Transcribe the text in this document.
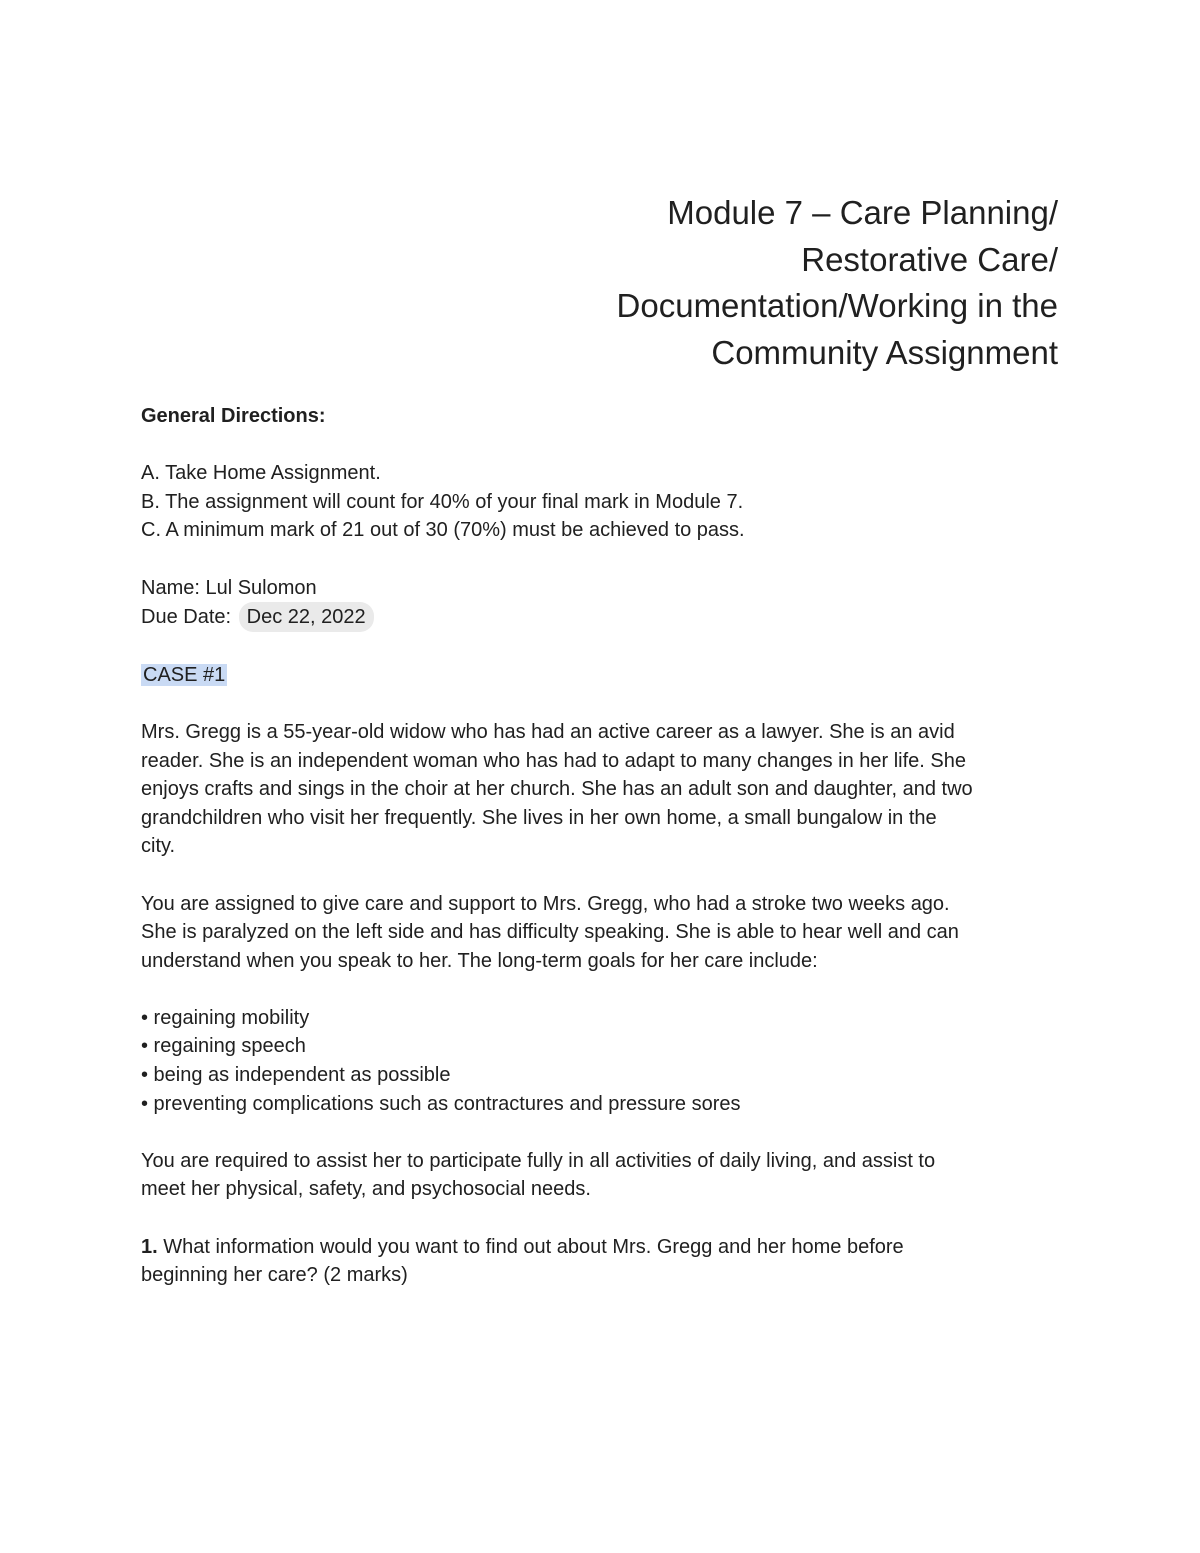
Module 7 – Care Planning/
Restorative Care/
Documentation/Working in the
Community Assignment
General Directions:
A. Take Home Assignment.
B. The assignment will count for 40% of your final mark in Module 7.
C. A minimum mark of 21 out of 30 (70%) must be achieved to pass.
Name: Lul Sulomon
Due Date: Dec 22, 2022
CASE #1
Mrs. Gregg is a 55-year-old widow who has had an active career as a lawyer. She is an avid
reader. She is an independent woman who has had to adapt to many changes in her life. She
enjoys crafts and sings in the choir at her church. She has an adult son and daughter, and two
grandchildren who visit her frequently. She lives in her own home, a small bungalow in the
city.
You are assigned to give care and support to Mrs. Gregg, who had a stroke two weeks ago.
She is paralyzed on the left side and has difficulty speaking. She is able to hear well and can
understand when you speak to her. The long-term goals for her care include:
• regaining mobility
• regaining speech
• being as independent as possible
• preventing complications such as contractures and pressure sores
You are required to assist her to participate fully in all activities of daily living, and assist to
meet her physical, safety, and psychosocial needs.
1. What information would you want to find out about Mrs. Gregg and her home before
beginning her care? (2 marks)
